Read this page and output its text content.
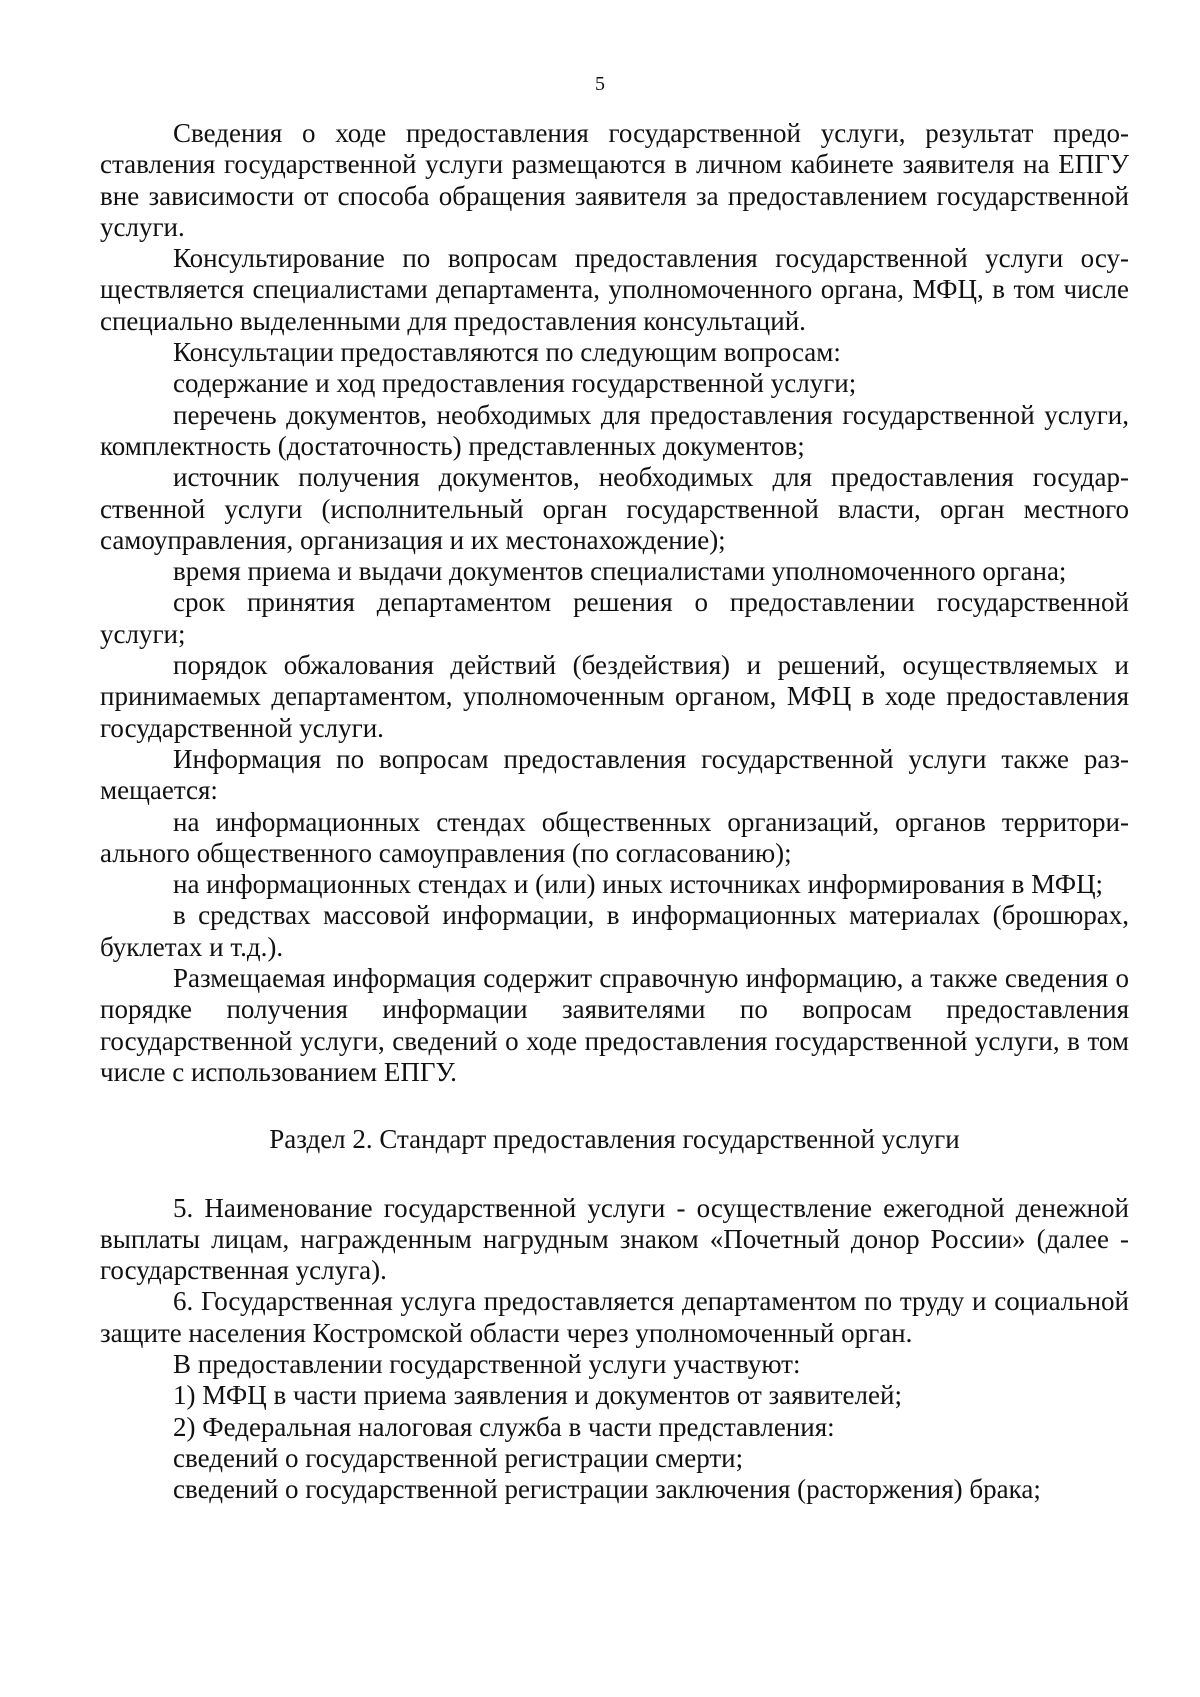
5

Сведения о ходе предоставления государственной услуги, результат предоставления государственной услуги размещаются в личном кабинете заявителя на ЕПГУ вне зависимости от способа обращения заявителя за предоставлением государственной услуги.

Консультирование по вопросам предоставления государственной услуги осуществляется специалистами департамента, уполномоченного органа, МФЦ, в том числе специально выделенными для предоставления консультаций.

Консультации предоставляются по следующим вопросам:

содержание и ход предоставления государственной услуги;

перечень документов, необходимых для предоставления государственной услуги, комплектность (достаточность) представленных документов;

источник получения документов, необходимых для предоставления государственной услуги (исполнительный орган государственной власти, орган местного самоуправления, организация и их местонахождение);

время приема и выдачи документов специалистами уполномоченного органа;

срок принятия департаментом решения о предоставлении государственной услуги;

порядок обжалования действий (бездействия) и решений, осуществляемых и принимаемых департаментом, уполномоченным органом, МФЦ в ходе предоставления государственной услуги.

Информация по вопросам предоставления государственной услуги также размещается:

на информационных стендах общественных организаций, органов территориального общественного самоуправления (по согласованию);

на информационных стендах и (или) иных источниках информирования в МФЦ;

в средствах массовой информации, в информационных материалах (брошюрах, буклетах и т.д.).

Размещаемая информация содержит справочную информацию, а также сведения о порядке получения информации заявителями по вопросам предоставления государственной услуги, сведений о ходе предоставления государственной услуги, в том числе с использованием ЕПГУ.

Раздел 2. Стандарт предоставления государственной услуги

5. Наименование государственной услуги - осуществление ежегодной денежной выплаты лицам, награжденным нагрудным знаком «Почетный донор России» (далее - государственная услуга).

6. Государственная услуга предоставляется департаментом по труду и социальной защите населения Костромской области через уполномоченный орган.

В предоставлении государственной услуги участвуют:

1) МФЦ в части приема заявления и документов от заявителей;

2) Федеральная налоговая служба в части представления:

сведений о государственной регистрации смерти;

сведений о государственной регистрации заключения (расторжения) брака;
